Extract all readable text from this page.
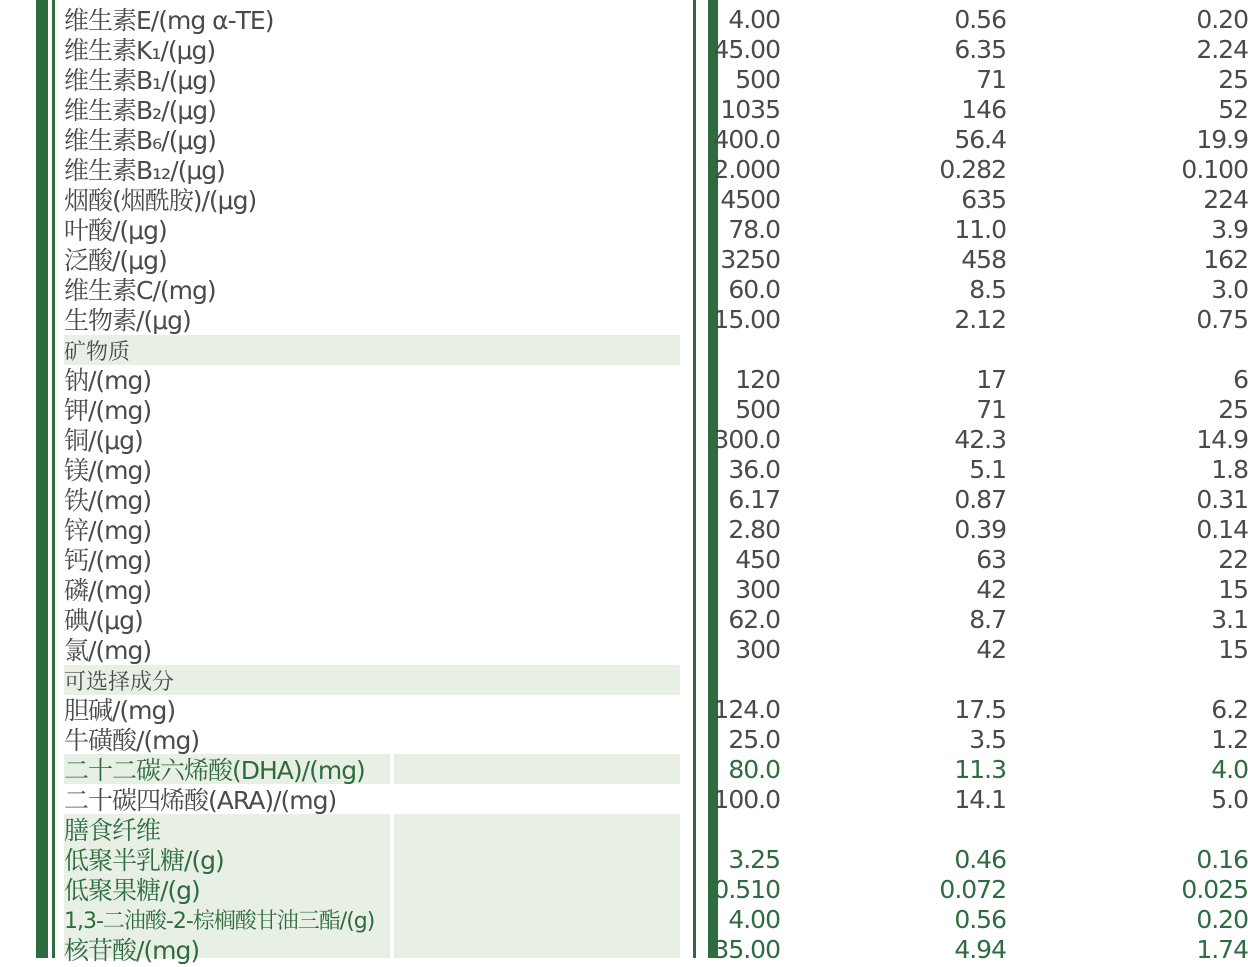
维生素E/(mg α-TE)	4.00	0.56	0.20
维生素K₁/(μg)	45.00	6.35	2.24
维生素B₁/(μg)	500	71	25
维生素B₂/(μg)	1035	146	52
维生素B₆/(μg)	400.0	56.4	19.9
维生素B₁₂/(μg)	2.000	0.282	0.100
烟酸(烟酰胺)/(μg)	4500	635	224
叶酸/(μg)	78.0	11.0	3.9
泛酸/(μg)	3250	458	162
维生素C/(mg)	60.0	8.5	3.0
生物素/(μg)	15.00	2.12	0.75
矿物质
钠/(mg)	120	17	6
钾/(mg)	500	71	25
铜/(μg)	300.0	42.3	14.9
镁/(mg)	36.0	5.1	1.8
铁/(mg)	6.17	0.87	0.31
锌/(mg)	2.80	0.39	0.14
钙/(mg)	450	63	22
磷/(mg)	300	42	15
碘/(μg)	62.0	8.7	3.1
氯/(mg)	300	42	15
可选择成分
胆碱/(mg)	124.0	17.5	6.2
牛磺酸/(mg)	25.0	3.5	1.2
二十二碳六烯酸(DHA)/(mg)	80.0	11.3	4.0
二十碳四烯酸(ARA)/(mg)	100.0	14.1	5.0
膳食纤维
低聚半乳糖/(g)	3.25	0.46	0.16
低聚果糖/(g)	0.510	0.072	0.025
1,3-二油酸-2-棕榈酸甘油三酯/(g)	4.00	0.56	0.20
核苷酸/(mg)	35.00	4.94	1.74
